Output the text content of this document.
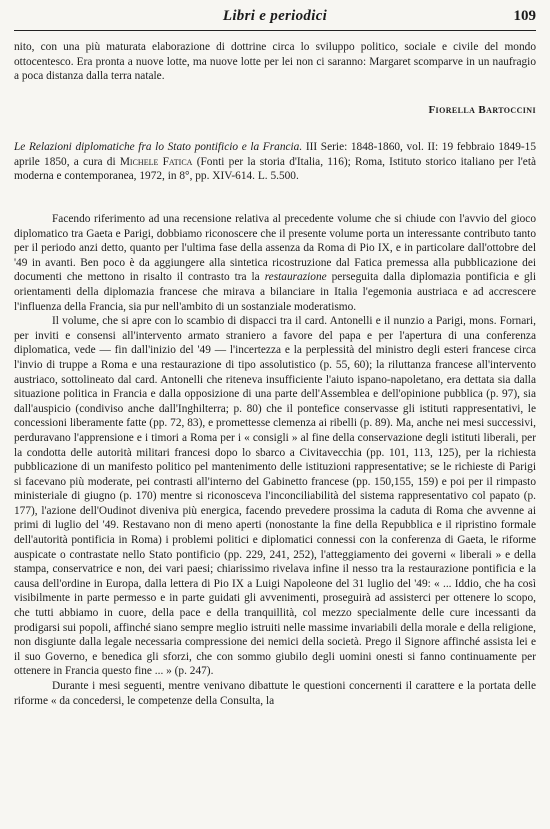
Libri e periodici	109

nito, con una più maturata elaborazione di dottrine circa lo sviluppo politico, sociale e civile del mondo ottocentesco. Era pronta a nuove lotte, ma nuove lotte per lei non ci saranno: Margaret scomparve in un naufragio a poca distanza dalla terra natale.

Fiorella Bartoccini
Le Relazioni diplomatiche fra lo Stato pontificio e la Francia. III Serie: 1848-1860, vol. II: 19 febbraio 1849-15 aprile 1850, a cura di Michele Fatica (Fonti per la storia d'Italia, 116); Roma, Istituto storico italiano per l'età moderna e contemporanea, 1972, in 8°, pp. XIV-614. L. 5.500.

Facendo riferimento ad una recensione relativa al precedente volume che si chiude con l'avvio del gioco diplomatico tra Gaeta e Parigi, dobbiamo riconoscere che il presente volume porta un interessante contributo tanto per il periodo anzi detto, quanto per l'ultima fase della assenza da Roma di Pio IX, e in particolare dall'ottobre del '49 in avanti. Ben poco è da aggiungere alla sintetica ricostruzione dal Fatica premessa alla pubblicazione dei documenti che mettono in risalto il contrasto tra la restaurazione perseguita dalla diplomazia pontificia e gli orientamenti della diplomazia francese che mirava a bilanciare in Italia l'egemonia austriaca e ad accrescere l'influenza della Francia, sia pur nell'ambito di un sostanziale moderatismo.

Il volume, che si apre con lo scambio di dispacci tra il card. Antonelli e il nunzio a Parigi, mons. Fornari, per inviti e consensi all'intervento armato straniero a favore del papa e per l'apertura di una conferenza diplomatica, vede — fin dall'inizio del '49 — l'incertezza e la perplessità del ministro degli esteri francese circa l'invio di truppe a Roma e una restaurazione di tipo assolutistico (p. 55, 60); la riluttanza francese all'intervento austriaco, sottolineato dal card. Antonelli che riteneva insufficiente l'aiuto ispano-napoletano, era dettata sia dalla situazione politica in Francia e dalla opposizione di una parte dell'Assemblea e dell'opinione pubblica (p. 97), sia dall'auspicio (condiviso anche dall'Inghilterra; p. 80) che il pontefice conservasse gli istituti rappresentativi, le concessioni liberamente fatte (pp. 72, 83), e promettesse clemenza ai ribelli (p. 89). Ma, anche nei mesi successivi, perduravano l'apprensione e i timori a Roma per i « consigli » al fine della conservazione degli istituti liberali, per la condotta delle autorità militari francesi dopo lo sbarco a Civitavecchia (pp. 101, 113, 125), per la richiesta pubblicazione di un manifesto politico pel mantenimento delle istituzioni rappresentative; se le richieste di Parigi si facevano più moderate, pei contrasti all'interno del Gabinetto francese (pp. 150,155, 159) e poi per il rimpasto ministeriale di giugno (p. 170) mentre si riconosceva l'inconciliabilità del sistema rappresentativo col papato (p. 177), l'azione dell'Oudinot diveniva più energica, facendo prevedere prossima la caduta di Roma che avvenne ai primi di luglio del '49. Restavano non di meno aperti (nonostante la fine della Repubblica e il ripristino formale dell'autorità pontificia in Roma) i problemi politici e diplomatici connessi con la conferenza di Gaeta, le riforme auspicate o contrastate nello Stato pontificio (pp. 229, 241, 252), l'atteggiamento dei governi « liberali » e della stampa, conservatrice e non, dei vari paesi; chiarissimo rivelava infine il nesso tra la restaurazione pontificia e la causa dell'ordine in Europa, dalla lettera di Pio IX a Luigi Napoleone del 31 luglio del '49: « ... Iddio, che ha così visibilmente in parte permesso e in parte guidati gli avvenimenti, proseguirà ad assisterci per ottenere lo scopo, che tutti abbiamo in cuore, della pace e della tranquillità, col mezzo specialmente delle cure incessanti da prodigarsi sui popoli, affinché siano sempre meglio istruiti nelle massime invariabili della morale e della religione, non disgiunte dalla legale necessaria compressione dei nemici della società. Prego il Signore affinché assista lei e il suo Governo, e benedica gli sforzi, che con sommo giubilo degli uomini onesti si fanno continuamente per ottenere in Francia questo fine ... » (p. 247).

Durante i mesi seguenti, mentre venivano dibattute le questioni concernenti il carattere e la portata delle riforme « da concedersi, le competenze della Consulta, la
